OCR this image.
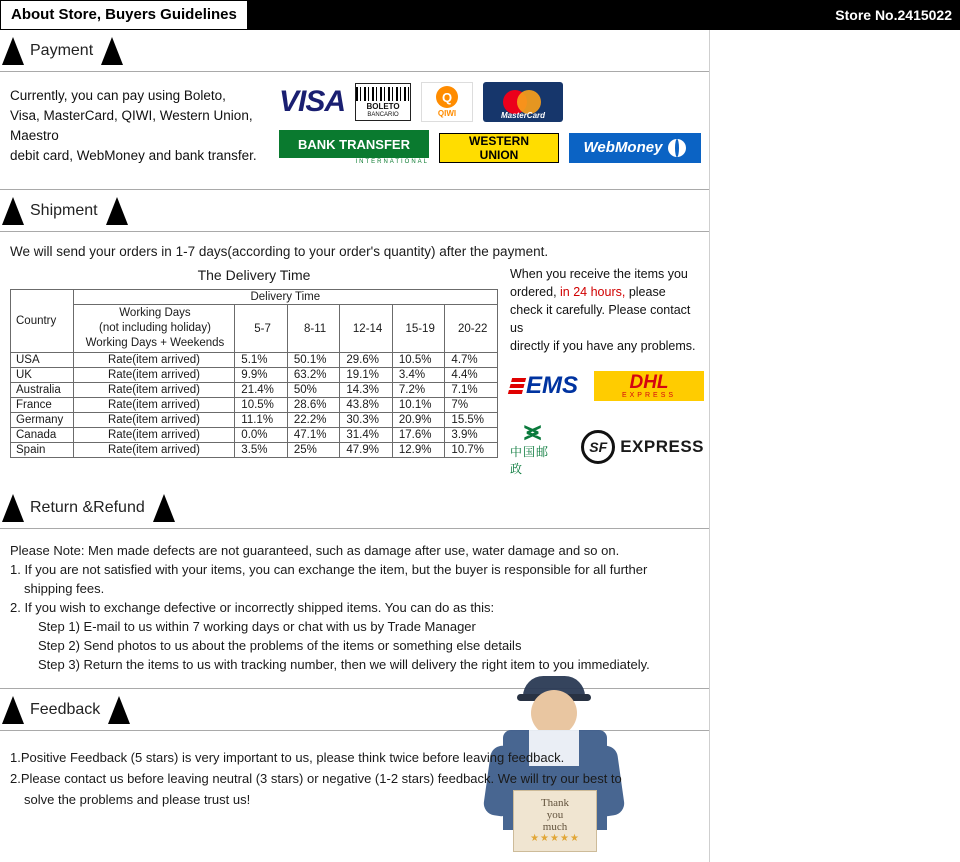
About Store, Buyers Guidelines	Store No.2415022
Payment
Currently, you can pay using Boleto,
Visa, MasterCard, QIWI, Western Union, Maestro
debit card, WebMoney and bank transfer.
VISA	BOLETO
BANCARIO
Q
QIWI	MasterCard
BANK TRANSFER
INTERNATIONAL
WESTERN
UNION	WebMoney
Shipment
We will send your orders in 1-7 days(according to your order's quantity) after the payment.
The Delivery Time
Country	Delivery Time					

	Working Days
(not including holiday)
Working Days + Weekends	5-7	8-11	12-14	15-19	20-22
USA	Rate(item arrived)	5.1%	50.1%	29.6%	10.5%	4.7%
UK	Rate(item arrived)	9.9%	63.2%	19.1%	3.4%	4.4%
Australia	Rate(item arrived)	21.4%	50%	14.3%	7.2%	7.1%
France	Rate(item arrived)	10.5%	28.6%	43.8%	10.1%	7%
Germany	Rate(item arrived)	11.1%	22.2%	30.3%	20.9%	15.5%
Canada	Rate(item arrived)	0.0%	47.1%	31.4%	17.6%	3.9%
Spain	Rate(item arrived)	3.5%	25%	47.9%	12.9%	10.7%
When you receive the items you
ordered, in 24 hours, please
check it carefully. Please contact us
directly if you have any problems.
EMS	DHL
EXPRESS
⪤
中国邮政
SF EXPRESS
Return &Refund
Please Note: Men made defects are not guaranteed, such as damage after use, water damage and so on.
1. If you are not satisfied with your items, you can exchange the item, but the buyer is responsible for all further
shipping fees.
2. If you wish to exchange defective or incorrectly shipped items. You can do as this:
Step 1) E-mail to us within 7 working days or chat with us by Trade Manager
Step 2) Send photos to us about the problems of the items or something else details
Step 3) Return the items to us with tracking number, then we will delivery the right item to you immediately.
Feedback
1.Positive Feedback (5 stars) is very important to us, please think twice before leaving feedback.
2.Please contact us before leaving neutral (3 stars) or negative (1-2 stars) feedback. We will try our best to
solve the problems and please trust us!	Thank
you
much
★★★★★
